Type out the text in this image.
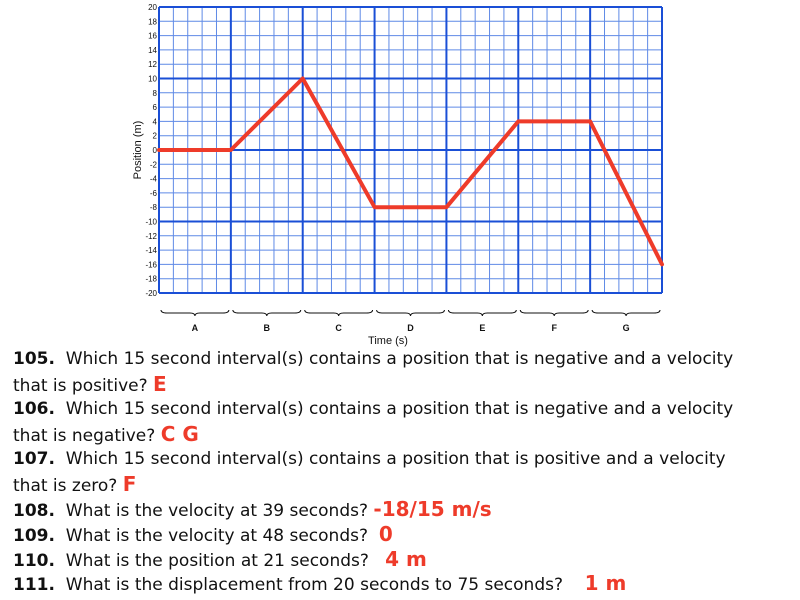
20
18
16
14
12
10
8
6
4
2
0
-2
-4
-6
-8
-10
-12
-14
-16
-18
-20
A	B	C	D	E	F	G
Position (m)
Time (s)
105. Which 15 second interval(s) contains a position that is negative and a velocity
that is positive? E
106. Which 15 second interval(s) contains a position that is negative and a velocity
that is negative? C G
107. Which 15 second interval(s) contains a position that is positive and a velocity
that is zero? F
108. What is the velocity at 39 seconds? -18/15 m/s
109. What is the velocity at 48 seconds? 0
110. What is the position at 21 seconds? 4 m
111. What is the displacement from 20 seconds to 75 seconds? 1 m
